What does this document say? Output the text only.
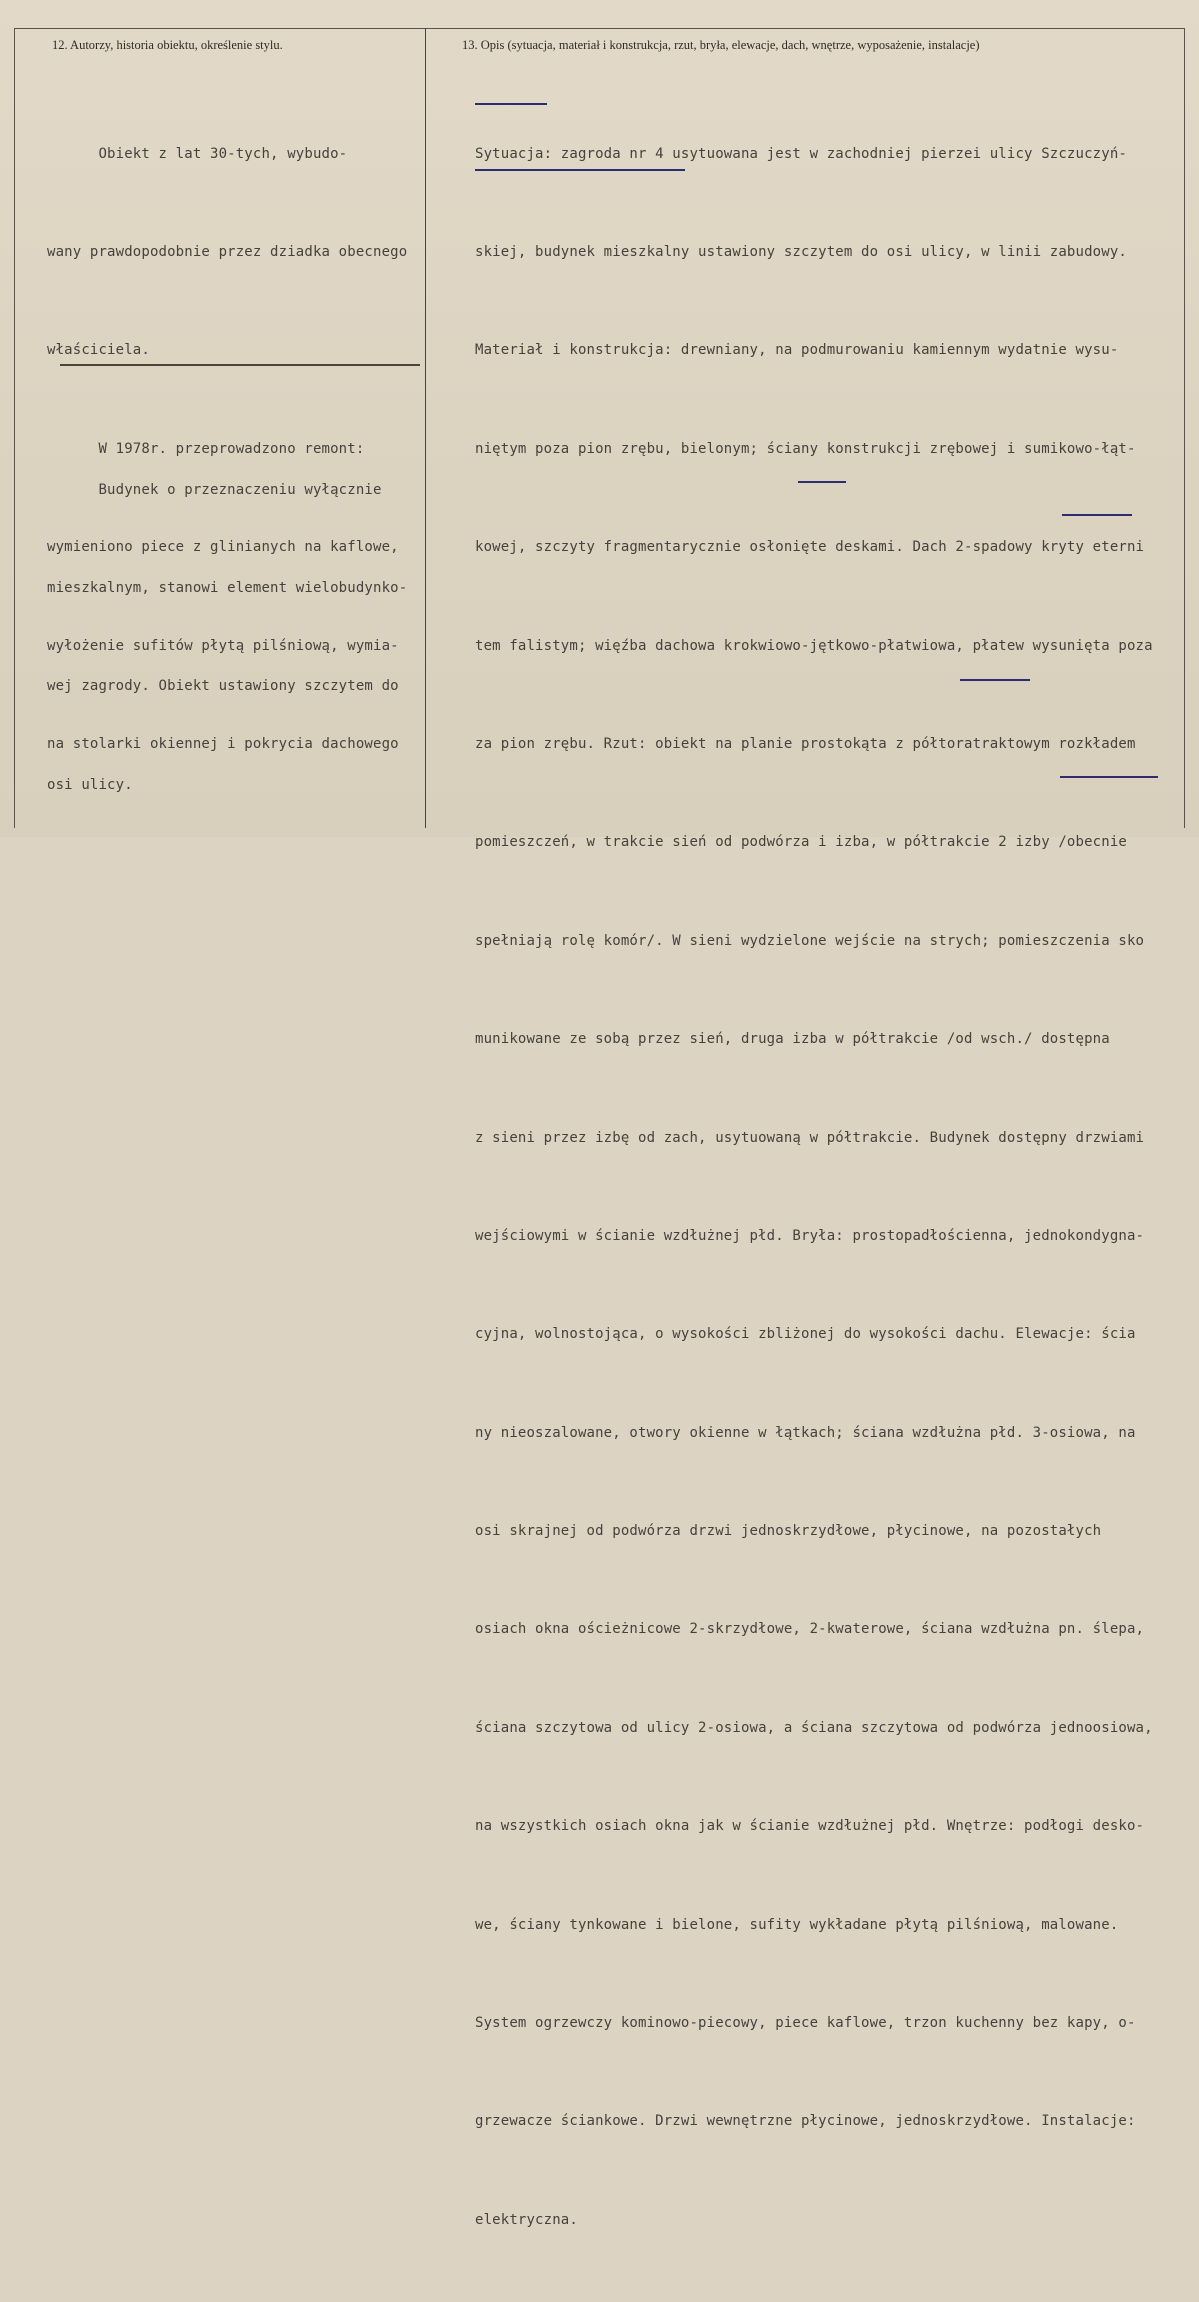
12. Autorzy, historia obiektu, określenie stylu.	13. Opis (sytuacja, materiał i konstrukcja, rzut, bryła, elewacje, dach, wnętrze, wyposażenie, instalacje)

Obiekt z lat 30-tych, wybudo-

wany prawdopodobnie przez dziadka obecnego

właściciela.

W 1978r. przeprowadzono remont:

wymieniono piece z glinianych na kaflowe,

wyłożenie sufitów płytą pilśniową, wymia-

na stolarki okiennej i pokrycia dachowego

Budynek o przeznaczeniu wyłącznie

mieszkalnym, stanowi element wielobudynko-

wej zagrody. Obiekt ustawiony szczytem do

osi ulicy.

Sytuacja: zagroda nr 4 usytuowana jest w zachodniej pierzei ulicy Szczuczyń-

skiej, budynek mieszkalny ustawiony szczytem do osi ulicy, w linii zabudowy.

Materiał i konstrukcja: drewniany, na podmurowaniu kamiennym wydatnie wysu-

niętym poza pion zrębu, bielonym; ściany konstrukcji zrębowej i sumikowo-łąt-

kowej, szczyty fragmentarycznie osłonięte deskami. Dach 2-spadowy kryty eterni

tem falistym; więźba dachowa krokwiowo-jętkowo-płatwiowa, płatew wysunięta poza

za pion zrębu. Rzut: obiekt na planie prostokąta z półtoratraktowym rozkładem

pomieszczeń, w trakcie sień od podwórza i izba, w półtrakcie 2 izby /obecnie

spełniają rolę komór/. W sieni wydzielone wejście na strych; pomieszczenia sko

munikowane ze sobą przez sień, druga izba w półtrakcie /od wsch./ dostępna

z sieni przez izbę od zach, usytuowaną w półtrakcie. Budynek dostępny drzwiami

wejściowymi w ścianie wzdłużnej płd. Bryła: prostopadłościenna, jednokondygna-

cyjna, wolnostojąca, o wysokości zbliżonej do wysokości dachu. Elewacje: ścia

ny nieoszalowane, otwory okienne w łątkach; ściana wzdłużna płd. 3-osiowa, na

osi skrajnej od podwórza drzwi jednoskrzydłowe, płycinowe, na pozostałych

osiach okna ościeżnicowe 2-skrzydłowe, 2-kwaterowe, ściana wzdłużna pn. ślepa,

ściana szczytowa od ulicy 2-osiowa, a ściana szczytowa od podwórza jednoosiowa,

na wszystkich osiach okna jak w ścianie wzdłużnej płd. Wnętrze: podłogi desko-

we, ściany tynkowane i bielone, sufity wykładane płytą pilśniową, malowane.

System ogrzewczy kominowo-piecowy, piece kaflowe, trzon kuchenny bez kapy, o-

grzewacze ściankowe. Drzwi wewnętrzne płycinowe, jednoskrzydłowe. Instalacje:

elektryczna.
